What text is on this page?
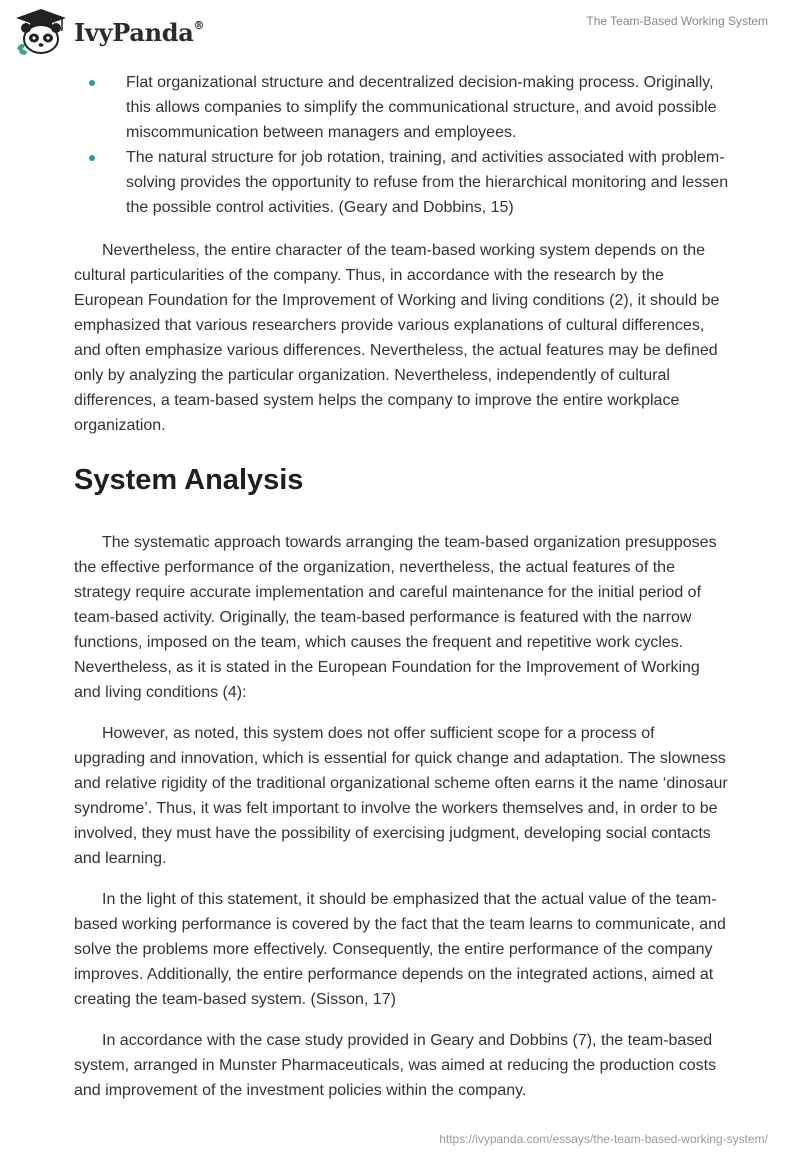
IvyPanda®	The Team-Based Working System
Flat organizational structure and decentralized decision-making process. Originally, this allows companies to simplify the communicational structure, and avoid possible miscommunication between managers and employees.
The natural structure for job rotation, training, and activities associated with problem-solving provides the opportunity to refuse from the hierarchical monitoring and lessen the possible control activities. (Geary and Dobbins, 15)

Nevertheless, the entire character of the team-based working system depends on the cultural particularities of the company. Thus, in accordance with the research by the European Foundation for the Improvement of Working and living conditions (2), it should be emphasized that various researchers provide various explanations of cultural differences, and often emphasize various differences. Nevertheless, the actual features may be defined only by analyzing the particular organization. Nevertheless, independently of cultural differences, a team-based system helps the company to improve the entire workplace organization.

System Analysis

The systematic approach towards arranging the team-based organization presupposes the effective performance of the organization, nevertheless, the actual features of the strategy require accurate implementation and careful maintenance for the initial period of team-based activity. Originally, the team-based performance is featured with the narrow functions, imposed on the team, which causes the frequent and repetitive work cycles. Nevertheless, as it is stated in the European Foundation for the Improvement of Working and living conditions (4):

However, as noted, this system does not offer sufficient scope for a process of upgrading and innovation, which is essential for quick change and adaptation. The slowness and relative rigidity of the traditional organizational scheme often earns it the name ‘dinosaur syndrome’. Thus, it was felt important to involve the workers themselves and, in order to be involved, they must have the possibility of exercising judgment, developing social contacts and learning.

In the light of this statement, it should be emphasized that the actual value of the team-based working performance is covered by the fact that the team learns to communicate, and solve the problems more effectively. Consequently, the entire performance of the company improves. Additionally, the entire performance depends on the integrated actions, aimed at creating the team-based system. (Sisson, 17)

In accordance with the case study provided in Geary and Dobbins (7), the team-based system, arranged in Munster Pharmaceuticals, was aimed at reducing the production costs and improvement of the investment policies within the company.

https://ivypanda.com/essays/the-team-based-working-system/
